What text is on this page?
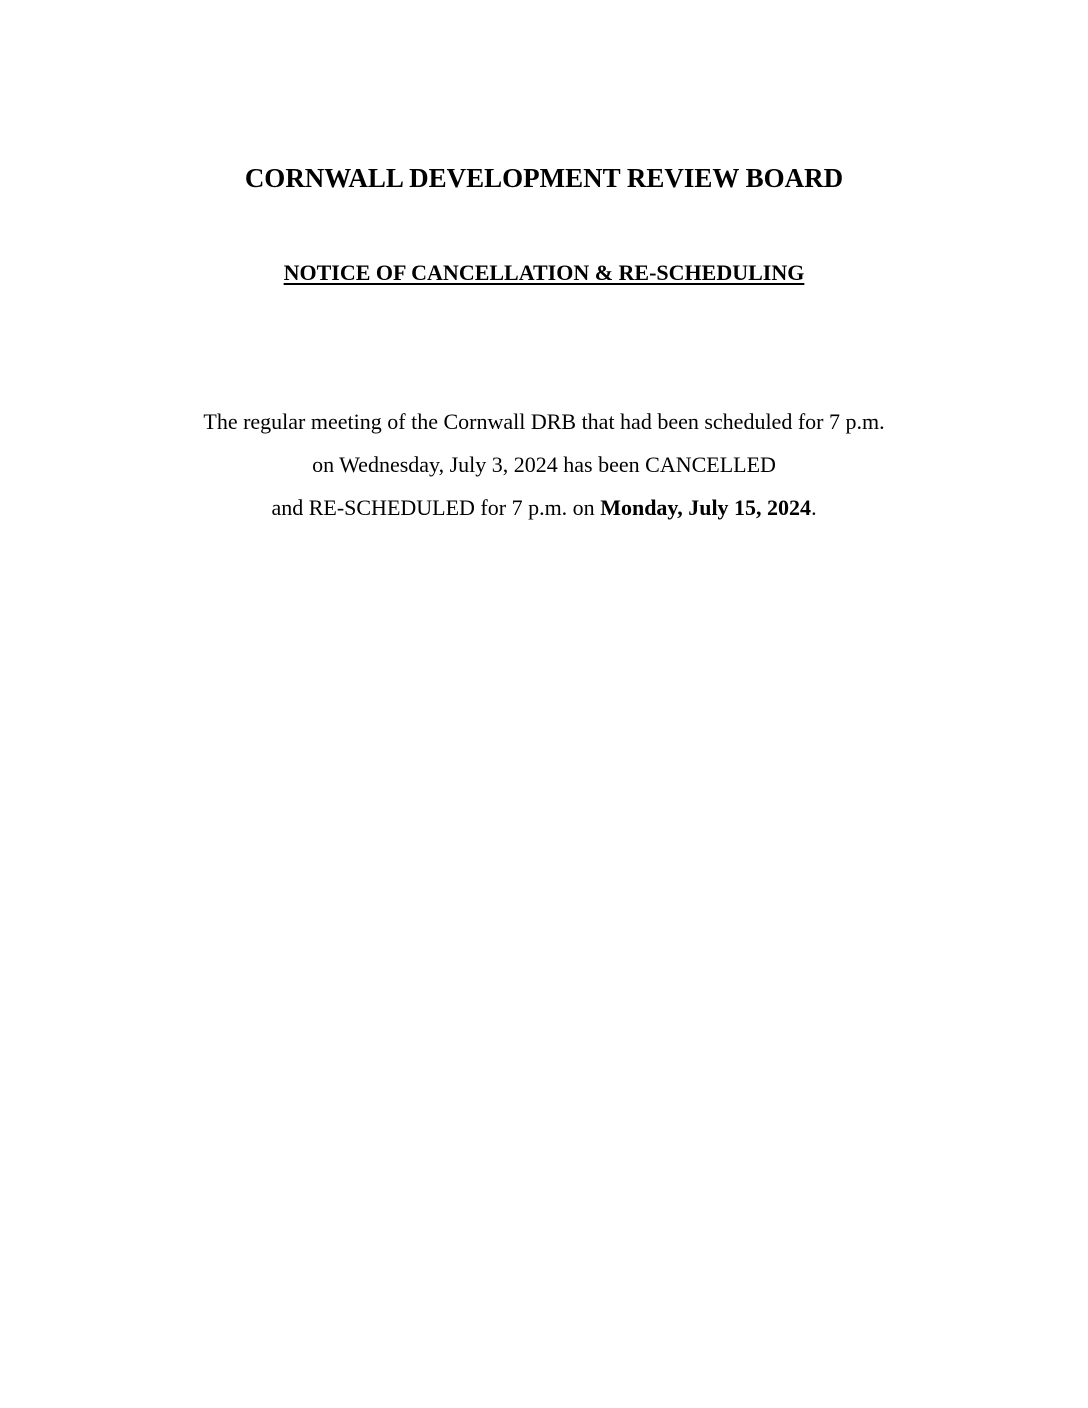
CORNWALL DEVELOPMENT REVIEW BOARD
NOTICE OF CANCELLATION & RE-SCHEDULING

The regular meeting of the Cornwall DRB that had been scheduled for 7 p.m.
on Wednesday, July 3, 2024 has been CANCELLED
and RE-SCHEDULED for 7 p.m. on Monday, July 15, 2024.
